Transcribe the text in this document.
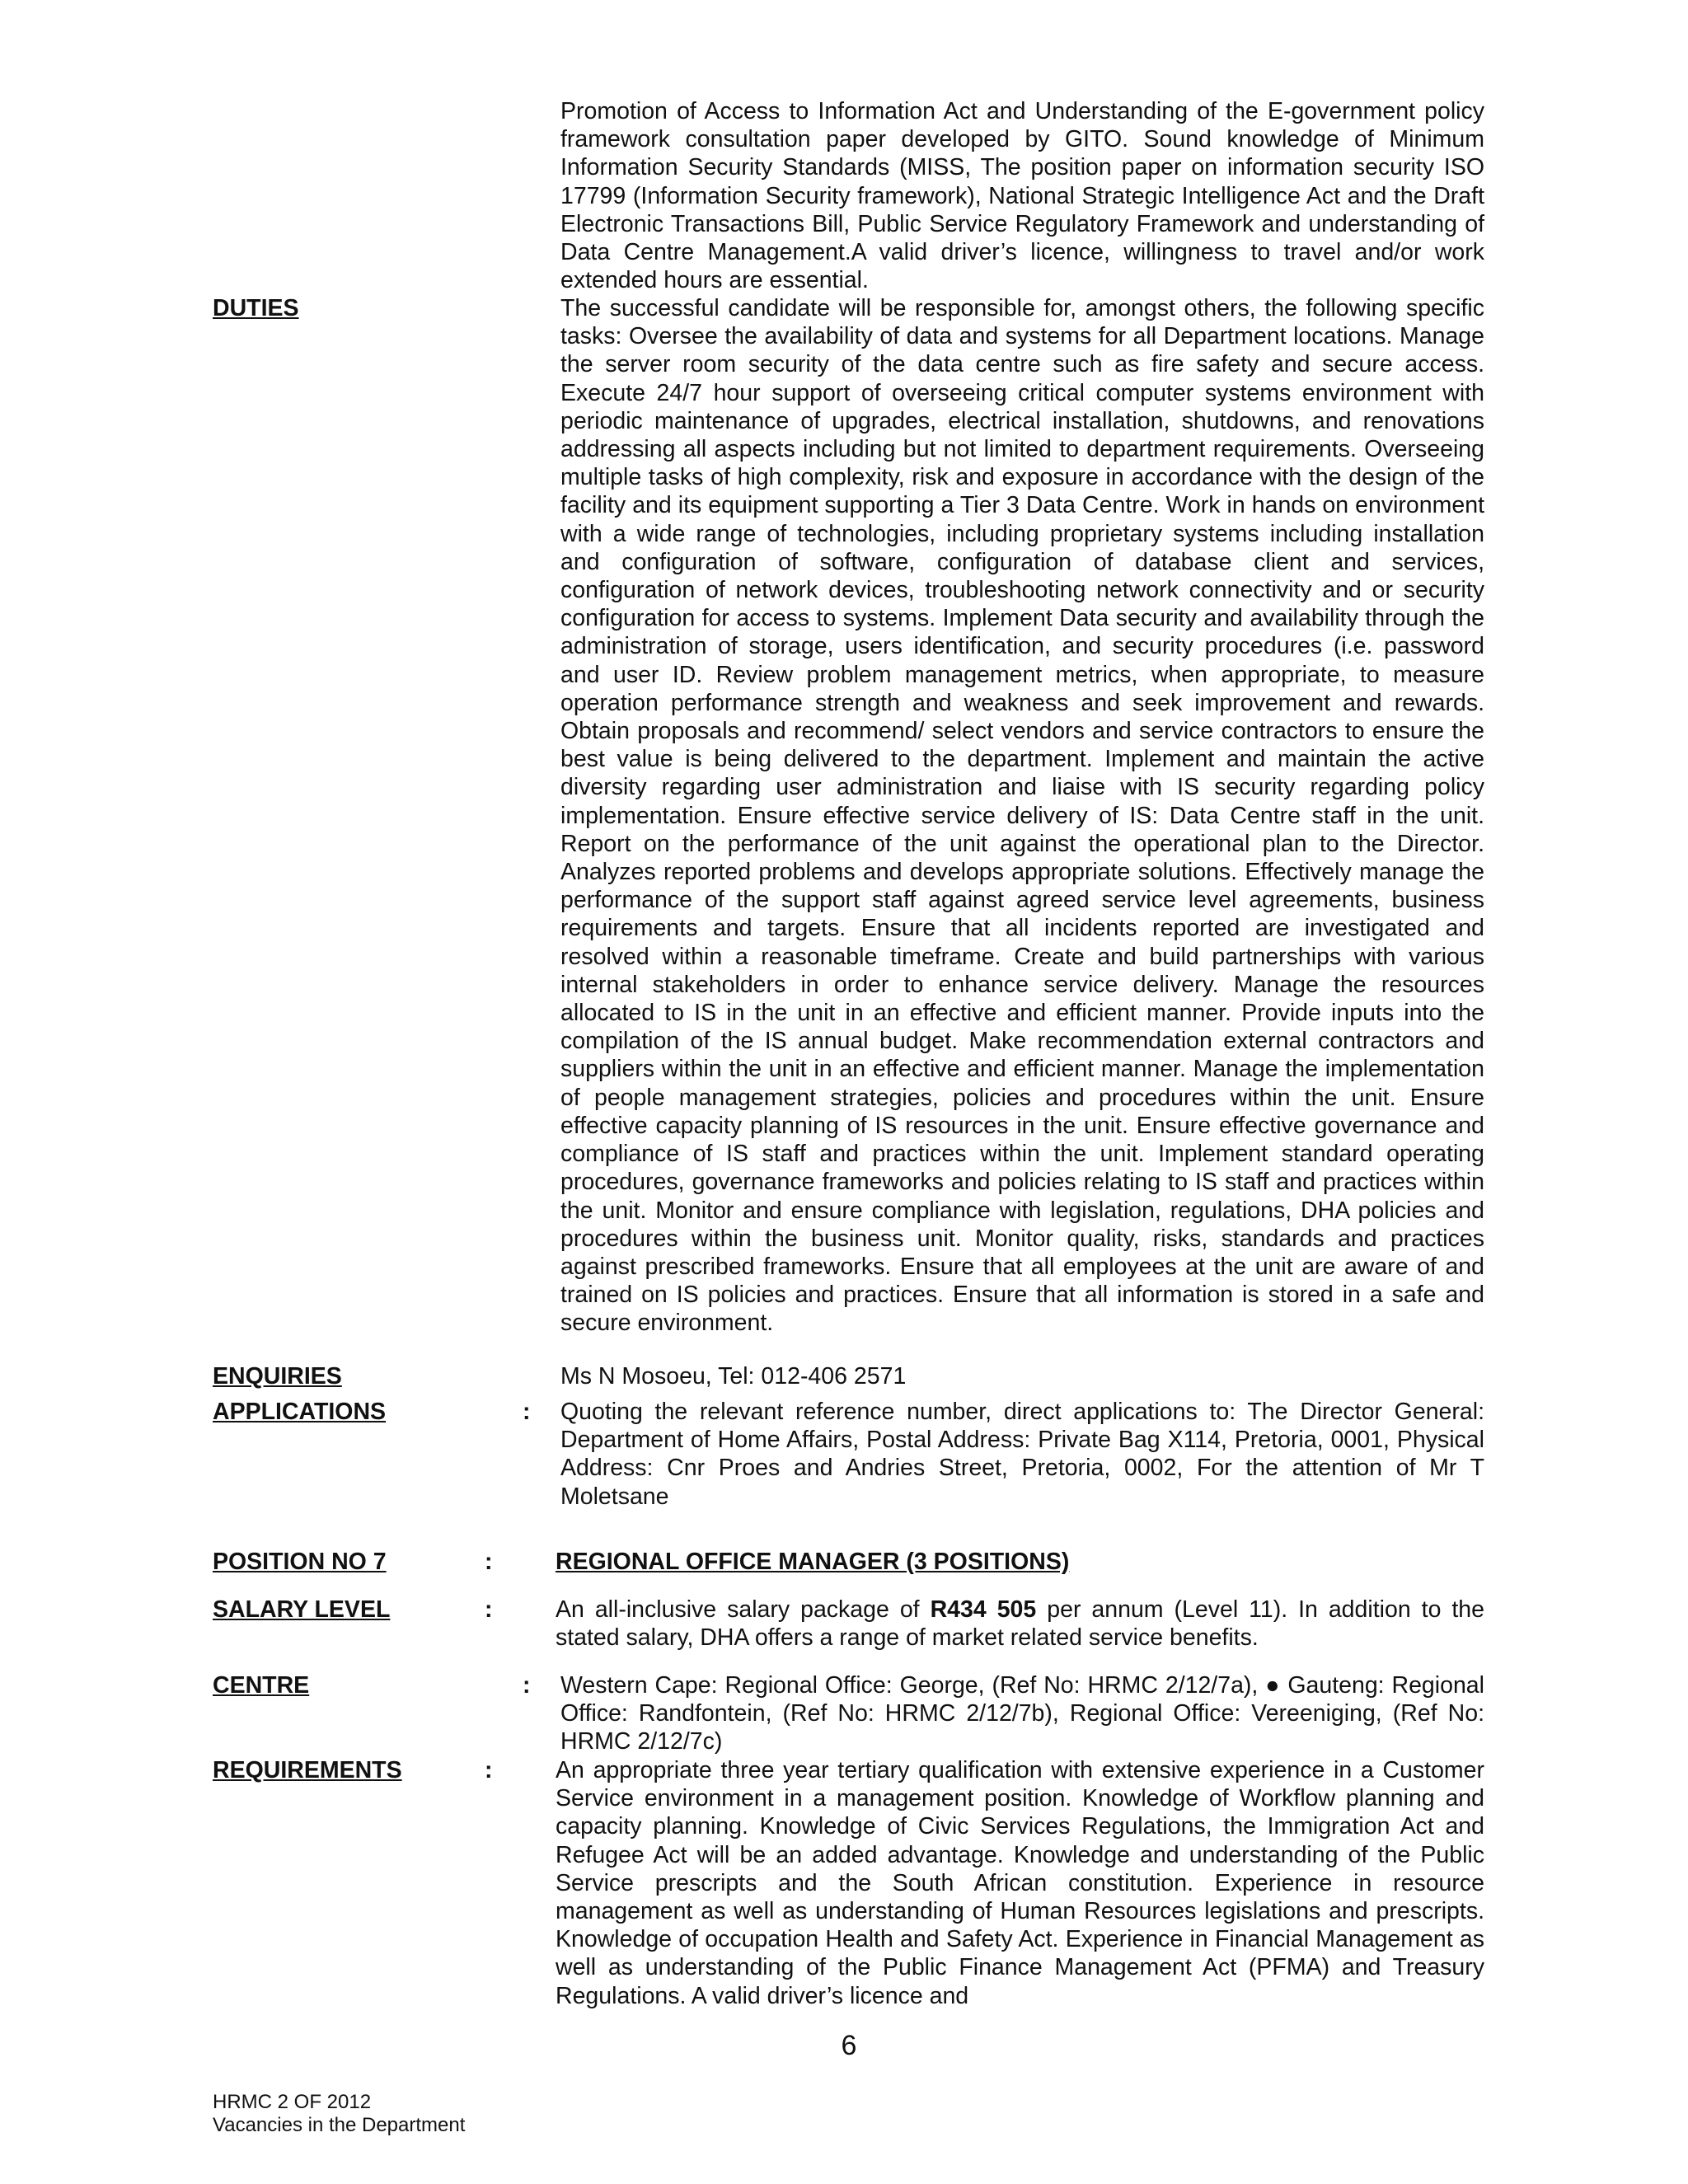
Promotion of Access to Information Act and Understanding of the E-government policy framework consultation paper developed by GITO. Sound knowledge of Minimum Information Security Standards (MISS, The position paper on information security ISO 17799 (Information Security framework), National Strategic Intelligence Act and the Draft Electronic Transactions Bill, Public Service Regulatory Framework and understanding of Data Centre Management.A valid driver’s licence, willingness to travel and/or work extended hours are essential.
DUTIES	The successful candidate will be responsible for, amongst others, the following specific tasks: Oversee the availability of data and systems for all Department locations. Manage the server room security of the data centre such as fire safety and secure access. Execute 24/7 hour support of overseeing critical computer systems environment with periodic maintenance of upgrades, electrical installation, shutdowns, and renovations addressing all aspects including but not limited to department requirements. Overseeing multiple tasks of high complexity, risk and exposure in accordance with the design of the facility and its equipment supporting a Tier 3 Data Centre. Work in hands on environment with a wide range of technologies, including proprietary systems including installation and configuration of software, configuration of database client and services, configuration of network devices, troubleshooting network connectivity and or security configuration for access to systems. Implement Data security and availability through the administration of storage, users identification, and security procedures (i.e. password and user ID. Review problem management metrics, when appropriate, to measure operation performance strength and weakness and seek improvement and rewards. Obtain proposals and recommend/ select vendors and service contractors to ensure the best value is being delivered to the department. Implement and maintain the active diversity regarding user administration and liaise with IS security regarding policy implementation. Ensure effective service delivery of IS: Data Centre staff in the unit. Report on the performance of the unit against the operational plan to the Director. Analyzes reported problems and develops appropriate solutions. Effectively manage the performance of the support staff against agreed service level agreements, business requirements and targets. Ensure that all incidents reported are investigated and resolved within a reasonable timeframe. Create and build partnerships with various internal stakeholders in order to enhance service delivery. Manage the resources allocated to IS in the unit in an effective and efficient manner. Provide inputs into the compilation of the IS annual budget. Make recommendation external contractors and suppliers within the unit in an effective and efficient manner. Manage the implementation of people management strategies, policies and procedures within the unit. Ensure effective capacity planning of IS resources in the unit. Ensure effective governance and compliance of IS staff and practices within the unit. Implement standard operating procedures, governance frameworks and policies relating to IS staff and practices within the unit. Monitor and ensure compliance with legislation, regulations, DHA policies and procedures within the business unit. Monitor quality, risks, standards and practices against prescribed frameworks. Ensure that all employees at the unit are aware of and trained on IS policies and practices. Ensure that all information is stored in a safe and secure environment.
ENQUIRIES	Ms N Mosoeu, Tel: 012-406 2571
APPLICATIONS	: Quoting the relevant reference number, direct applications to: The Director General: Department of Home Affairs, Postal Address: Private Bag X114, Pretoria, 0001, Physical Address: Cnr Proes and Andries Street, Pretoria, 0002, For the attention of Mr T Moletsane
POSITION NO 7	:	REGIONAL OFFICE MANAGER (3 POSITIONS)
SALARY LEVEL	:	An all-inclusive salary package of R434 505 per annum (Level 11). In addition to the stated salary, DHA offers a range of market related service benefits.
CENTRE	: Western Cape: Regional Office: George, (Ref No: HRMC 2/12/7a), ● Gauteng: Regional Office: Randfontein, (Ref No: HRMC 2/12/7b), Regional Office: Vereeniging, (Ref No: HRMC 2/12/7c)
REQUIREMENTS	:	An appropriate three year tertiary qualification with extensive experience in a Customer Service environment in a management position. Knowledge of Workflow planning and capacity planning. Knowledge of Civic Services Regulations, the Immigration Act and Refugee Act will be an added advantage. Knowledge and understanding of the Public Service prescripts and the South African constitution. Experience in resource management as well as understanding of Human Resources legislations and prescripts. Knowledge of occupation Health and Safety Act. Experience in Financial Management as well as understanding of the Public Finance Management Act (PFMA) and Treasury Regulations. A valid driver’s licence and
6
HRMC 2 OF 2012
Vacancies in the Department
